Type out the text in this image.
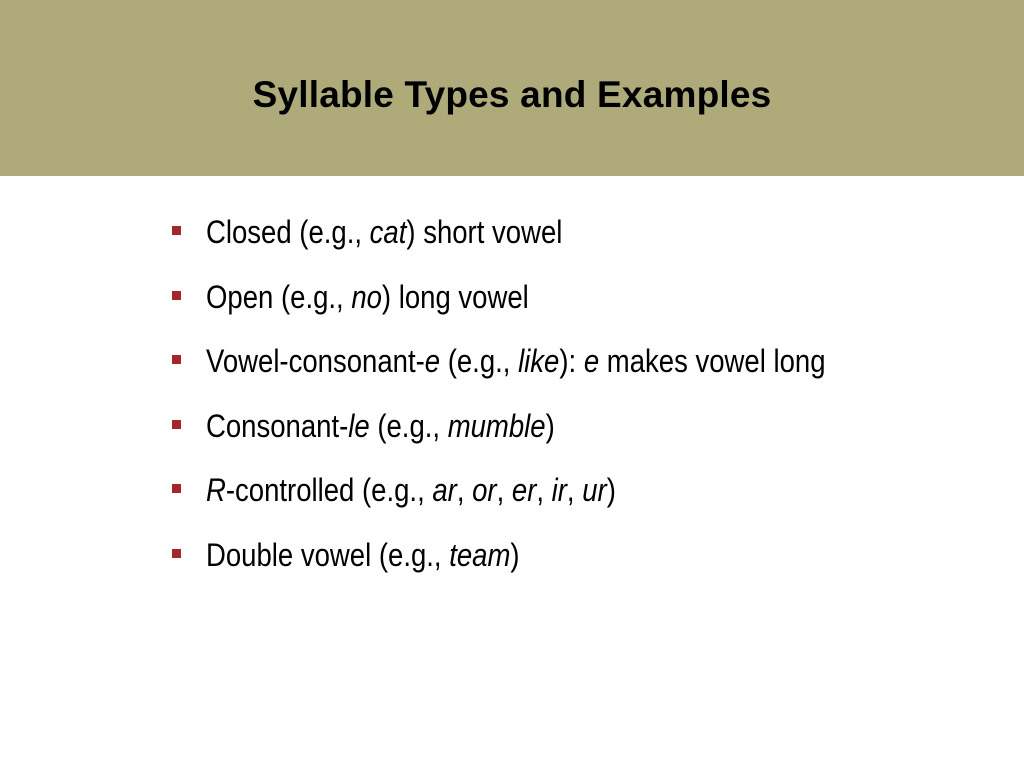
Syllable Types and Examples
Closed (e.g., cat) short vowel
Open (e.g., no) long vowel
Vowel-consonant-e (e.g., like): e makes vowel long
Consonant-le (e.g., mumble)
R-controlled (e.g., ar, or, er, ir, ur)
Double vowel (e.g., team)
